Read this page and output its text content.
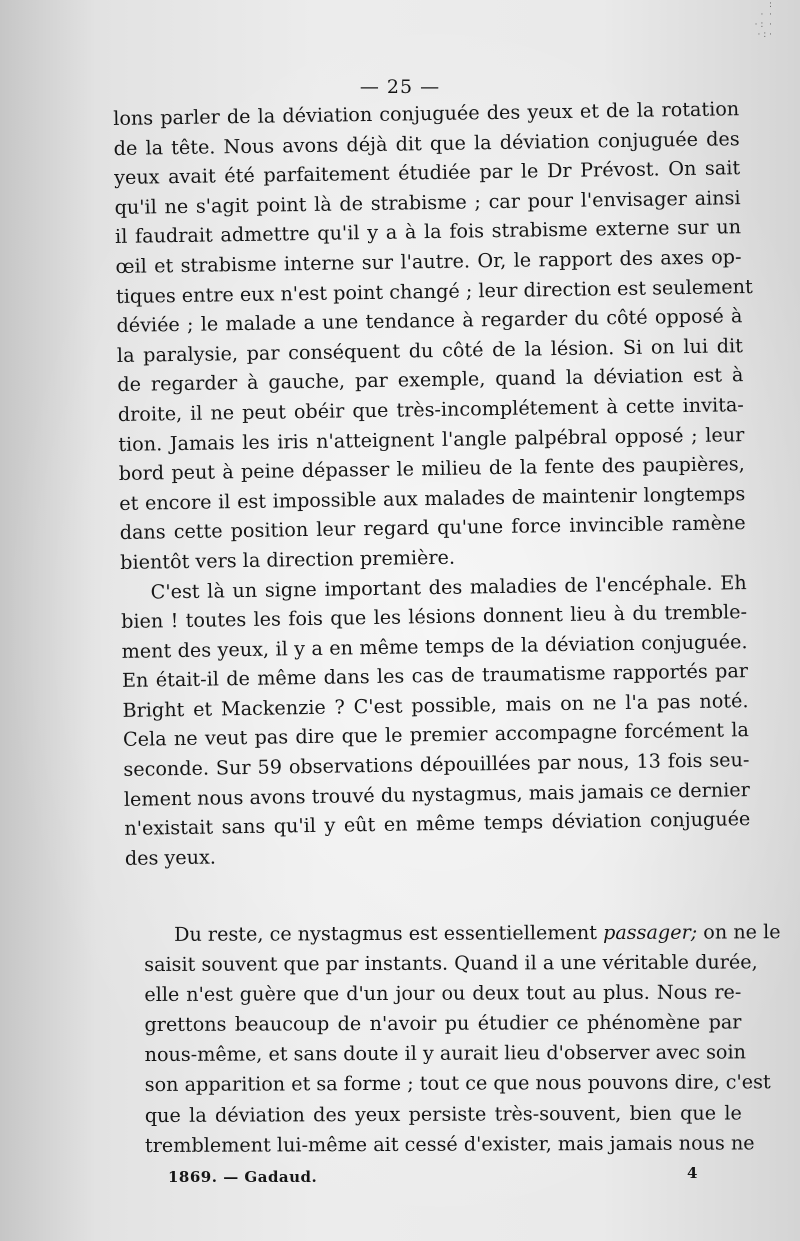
:
·  ·
· :  ·
· : ·
— 25 —
lons parler de la déviation conjuguée des yeux et de la rotation
de la tête. Nous avons déjà dit que la déviation conjuguée des
yeux avait été parfaitement étudiée par le Dr Prévost. On sait
qu'il ne s'agit point là de strabisme ; car pour l'envisager ainsi
il faudrait admettre qu'il y a à la fois strabisme externe sur un
œil et strabisme interne sur l'autre. Or, le rapport des axes op-
tiques entre eux n'est point changé ; leur direction est seulement
déviée ; le malade a une tendance à regarder du côté opposé à
la paralysie, par conséquent du côté de la lésion. Si on lui dit
de regarder à gauche, par exemple, quand la déviation est à
droite, il ne peut obéir que très-incomplétement à cette invita-
tion. Jamais les iris n'atteignent l'angle palpébral opposé ; leur
bord peut à peine dépasser le milieu de la fente des paupières,
et encore il est impossible aux malades de maintenir longtemps
dans cette position leur regard qu'une force invincible ramène
bientôt vers la direction première.
C'est là un signe important des maladies de l'encéphale. Eh
bien ! toutes les fois que les lésions donnent lieu à du tremble-
ment des yeux, il y a en même temps de la déviation conjuguée.
En était-il de même dans les cas de traumatisme rapportés par
Bright et Mackenzie ? C'est possible, mais on ne l'a pas noté.
Cela ne veut pas dire que le premier accompagne forcément la
seconde. Sur 59 observations dépouillées par nous, 13 fois seu-
lement nous avons trouvé du nystagmus, mais jamais ce dernier
n'existait sans qu'il y eût en même temps déviation conjuguée
des yeux.
Du reste, ce nystagmus est essentiellement passager; on ne le
saisit souvent que par instants. Quand il a une véritable durée,
elle n'est guère que d'un jour ou deux tout au plus. Nous re-
grettons beaucoup de n'avoir pu étudier ce phénomène par
nous-même, et sans doute il y aurait lieu d'observer avec soin
son apparition et sa forme ; tout ce que nous pouvons dire, c'est
que la déviation des yeux persiste très-souvent, bien que le
tremblement lui-même ait cessé d'exister, mais jamais nous ne
1869. — Gadaud.	4
